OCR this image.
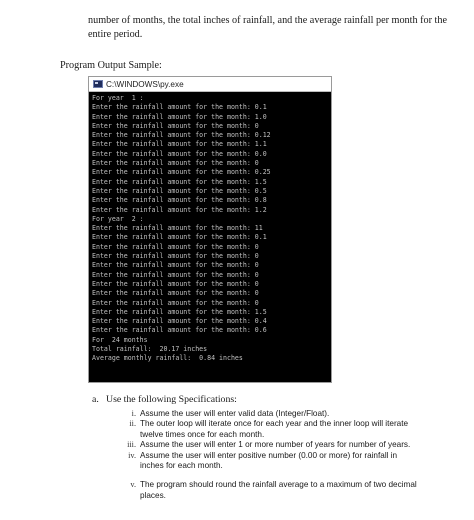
number of months, the total inches of rainfall, and the average rainfall per month for the entire period.
Program Output Sample:
C:\WINDOWS\py.exe
For year  1 :
Enter the rainfall amount for the month: 0.1
Enter the rainfall amount for the month: 1.0
Enter the rainfall amount for the month: 0
Enter the rainfall amount for the month: 0.12
Enter the rainfall amount for the month: 1.1
Enter the rainfall amount for the month: 0.0
Enter the rainfall amount for the month: 0
Enter the rainfall amount for the month: 0.25
Enter the rainfall amount for the month: 1.5
Enter the rainfall amount for the month: 0.5
Enter the rainfall amount for the month: 0.8
Enter the rainfall amount for the month: 1.2
For year  2 :
Enter the rainfall amount for the month: 11
Enter the rainfall amount for the month: 0.1
Enter the rainfall amount for the month: 0
Enter the rainfall amount for the month: 0
Enter the rainfall amount for the month: 0
Enter the rainfall amount for the month: 0
Enter the rainfall amount for the month: 0
Enter the rainfall amount for the month: 0
Enter the rainfall amount for the month: 0
Enter the rainfall amount for the month: 1.5
Enter the rainfall amount for the month: 0.4
Enter the rainfall amount for the month: 0.6
For  24 months
Total rainfall:  20.17 inches
Average monthly rainfall:  0.84 inches
a. Use the following Specifications:
i. Assume the user will enter valid data (Integer/Float).
ii. The outer loop will iterate once for each year and the inner loop will iterate twelve times once for each month.
iii. Assume the user will enter 1 or more number of years for number of years.
iv. Assume the user will enter positive number (0.00 or more) for rainfall in inches for each month.
v. The program should round the rainfall average to a maximum of two decimal places.
